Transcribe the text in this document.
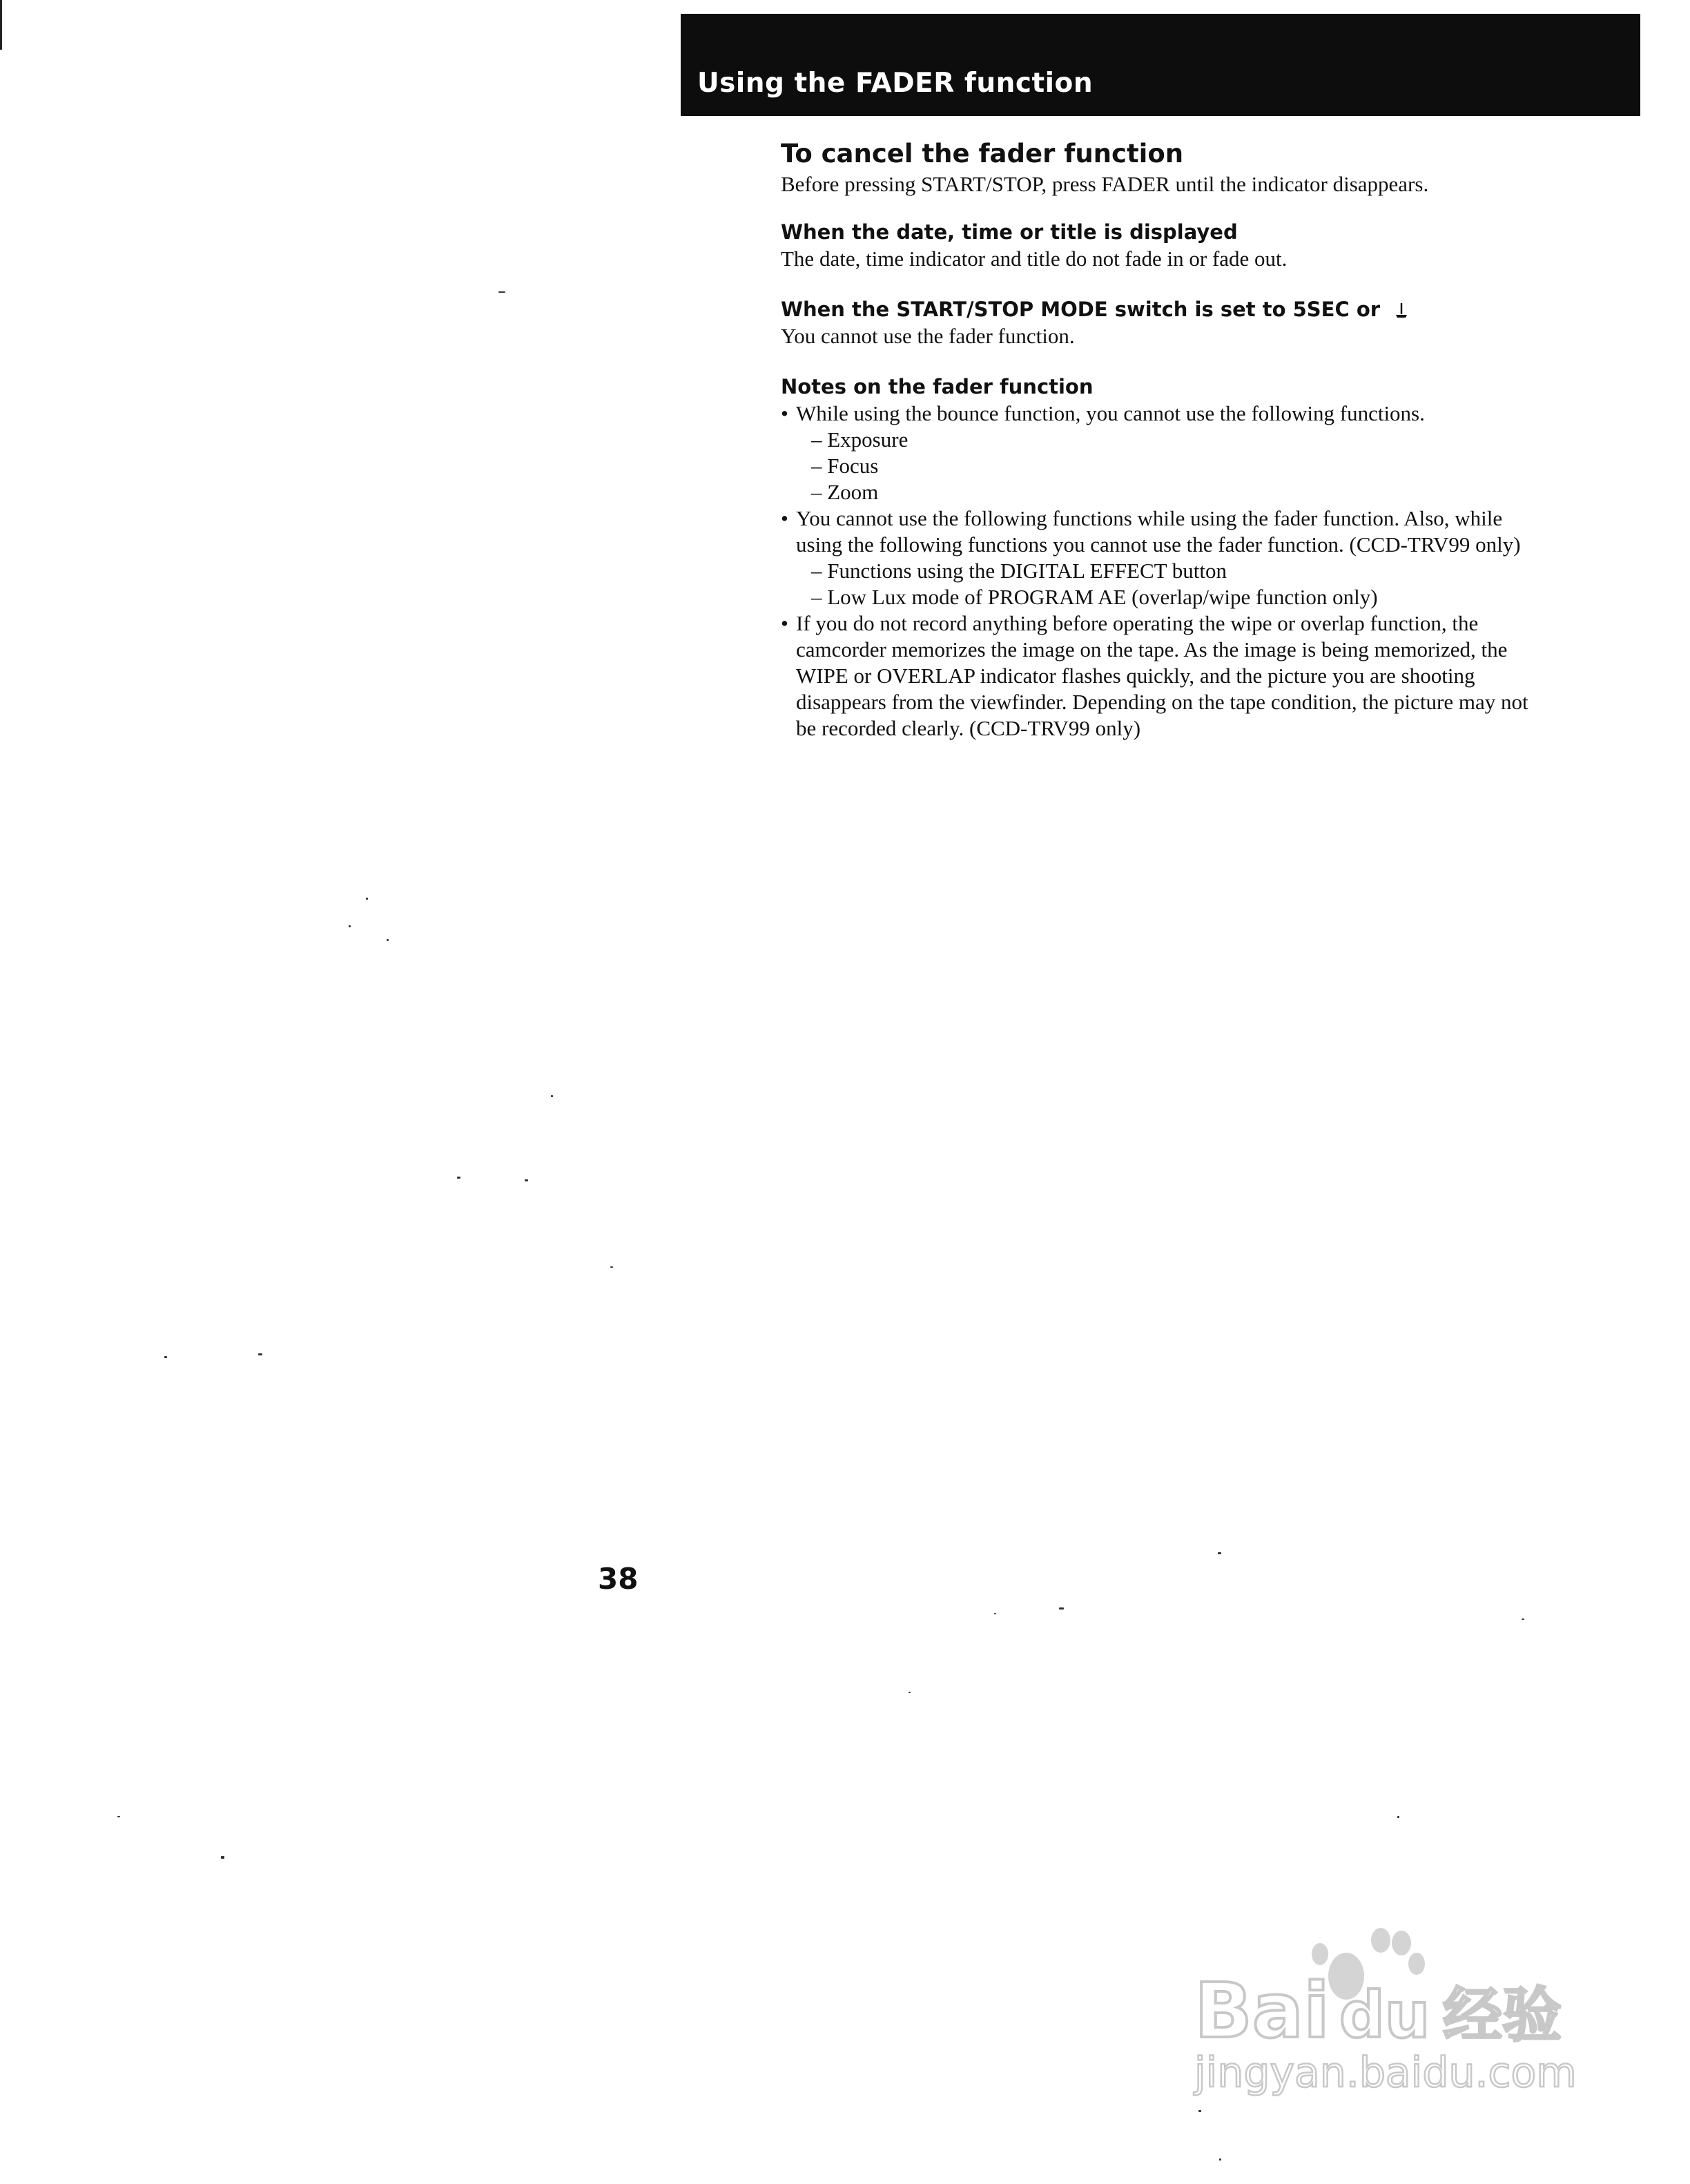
Using the FADER function
To cancel the fader function

Before pressing START/STOP, press FADER until the indicator disappears.

When the date, time or title is displayed

The date, time indicator and title do not fade in or fade out.

When the START/STOP MODE switch is set to 5SEC or

You cannot use the fader function.

Notes on the fader function
• While using the bounce function, you cannot use the following functions.
– Exposure
– Focus
– Zoom
• You cannot use the following functions while using the fader function. Also, while
using the following functions you cannot use the fader function. (CCD-TRV99 only)
– Functions using the DIGITAL EFFECT button
– Low Lux mode of PROGRAM AE (overlap/wipe function only)
• If you do not record anything before operating the wipe or overlap function, the
camcorder memorizes the image on the tape. As the image is being memorized, the
WIPE or OVERLAP indicator flashes quickly, and the picture you are shooting
disappears from the viewfinder. Depending on the tape condition, the picture may not
be recorded clearly. (CCD-TRV99 only)
38
Bai du 经验
jingyan.baidu.com
